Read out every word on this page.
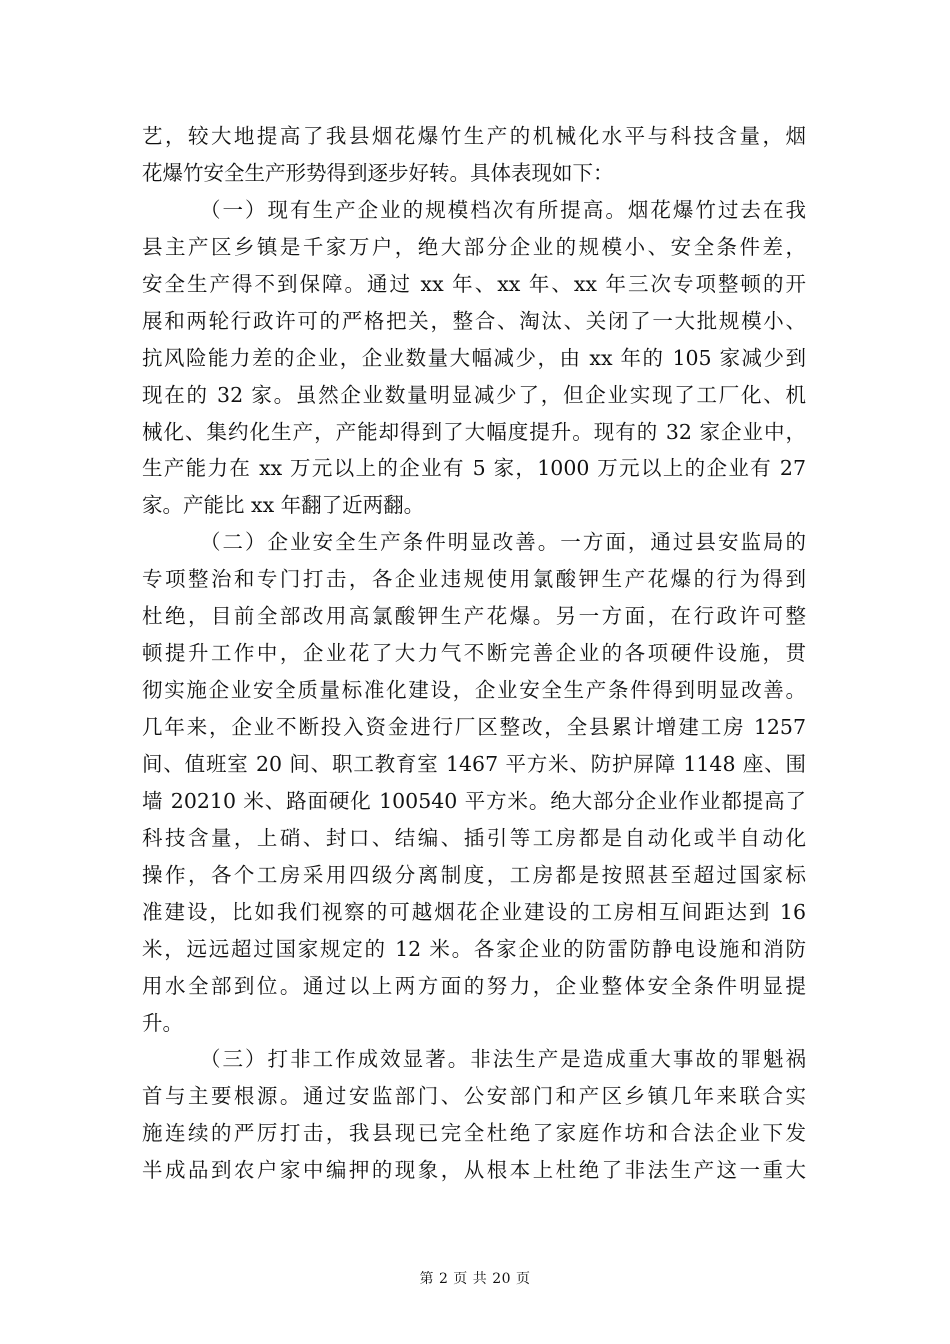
艺，较大地提高了我县烟花爆竹生产的机械化水平与科技含量，烟
花爆竹安全生产形势得到逐步好转。具体表现如下：
（一）现有生产企业的规模档次有所提高。烟花爆竹过去在我
县主产区乡镇是千家万户，绝大部分企业的规模小、安全条件差，
安全生产得不到保障。通过 xx 年、xx 年、xx 年三次专项整顿的开
展和两轮行政许可的严格把关，整合、淘汰、关闭了一大批规模小、
抗风险能力差的企业，企业数量大幅减少，由 xx 年的 105 家减少到
现在的 32 家。虽然企业数量明显减少了，但企业实现了工厂化、机
械化、集约化生产，产能却得到了大幅度提升。现有的 32 家企业中，
生产能力在 xx 万元以上的企业有 5 家，1000 万元以上的企业有 27
家。产能比 xx 年翻了近两翻。
（二）企业安全生产条件明显改善。一方面，通过县安监局的
专项整治和专门打击，各企业违规使用氯酸钾生产花爆的行为得到
杜绝，目前全部改用高氯酸钾生产花爆。另一方面，在行政许可整
顿提升工作中，企业花了大力气不断完善企业的各项硬件设施，贯
彻实施企业安全质量标准化建设，企业安全生产条件得到明显改善。
几年来，企业不断投入资金进行厂区整改，全县累计增建工房 1257
间、值班室 20 间、职工教育室 1467 平方米、防护屏障 1148 座、围
墙 20210 米、路面硬化 100540 平方米。绝大部分企业作业都提高了
科技含量，上硝、封口、结编、插引等工房都是自动化或半自动化
操作，各个工房采用四级分离制度，工房都是按照甚至超过国家标
准建设，比如我们视察的可越烟花企业建设的工房相互间距达到 16
米，远远超过国家规定的 12 米。各家企业的防雷防静电设施和消防
用水全部到位。通过以上两方面的努力，企业整体安全条件明显提
升。
（三）打非工作成效显著。非法生产是造成重大事故的罪魁祸
首与主要根源。通过安监部门、公安部门和产区乡镇几年来联合实
施连续的严厉打击，我县现已完全杜绝了家庭作坊和合法企业下发
半成品到农户家中编押的现象，从根本上杜绝了非法生产这一重大
第 2 页 共 20 页
